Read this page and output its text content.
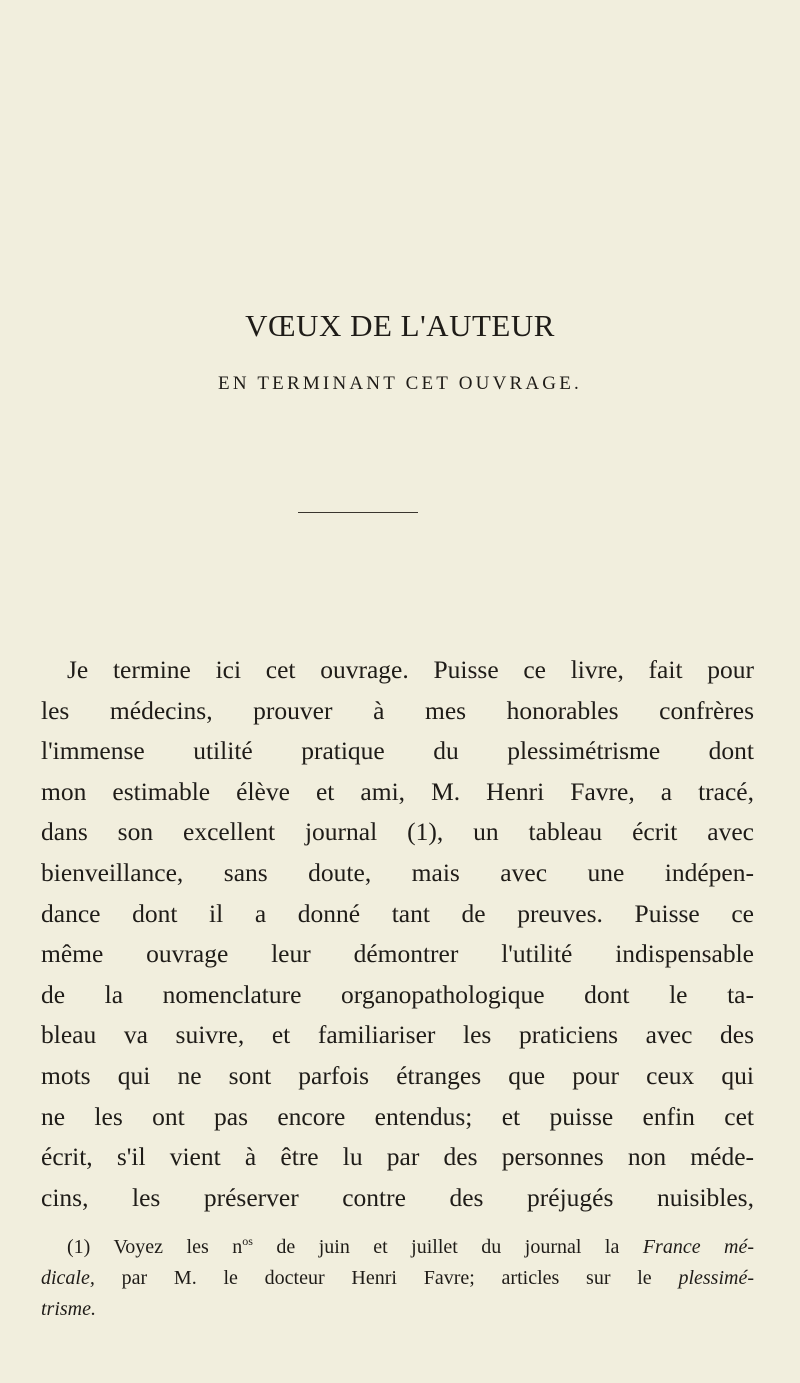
VŒUX DE L'AUTEUR
EN TERMINANT CET OUVRAGE.
Je termine ici cet ouvrage. Puisse ce livre, fait pour
les médecins, prouver à mes honorables confrères
l'immense utilité pratique du plessimétrisme dont
mon estimable élève et ami, M. Henri Favre, a tracé,
dans son excellent journal (1), un tableau écrit avec
bienveillance, sans doute, mais avec une indépen-
dance dont il a donné tant de preuves. Puisse ce
même ouvrage leur démontrer l'utilité indispensable
de la nomenclature organopathologique dont le ta-
bleau va suivre, et familiariser les praticiens avec des
mots qui ne sont parfois étranges que pour ceux qui
ne les ont pas encore entendus; et puisse enfin cet
écrit, s'il vient à être lu par des personnes non méde-
cins, les préserver contre des préjugés nuisibles,
(1) Voyez les $n^{os}$ de juin et juillet du journal la France mé-
dicale, par M. le docteur Henri Favre; articles sur le plessimé-
trisme.
